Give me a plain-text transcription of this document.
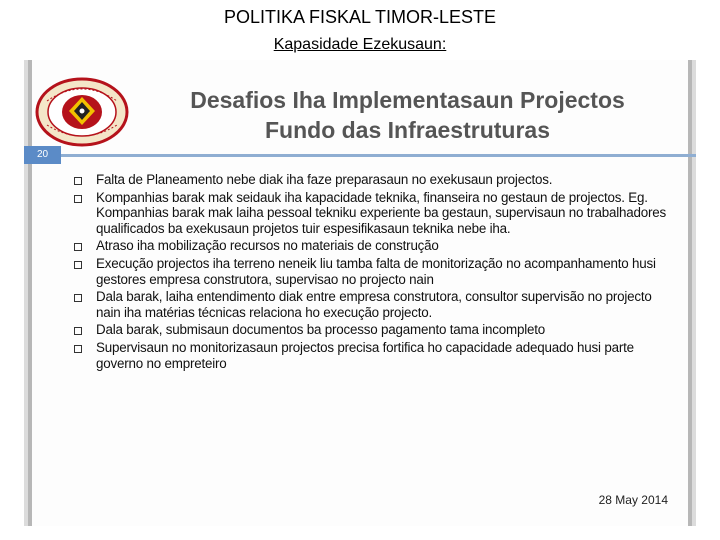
POLITIKA FISKAL TIMOR-LESTE
Kapasidade Ezekusaun:
Desafios Iha Implementasaun Projectos
Fundo das Infraestruturas
20
Falta de Planeamento nebe diak iha faze preparasaun no exekusaun projectos.
Kompanhias barak mak seidauk iha kapacidade teknika, finanseira no gestaun de projectos. Eg. Kompanhias barak mak laiha pessoal tekniku experiente ba gestaun, supervisaun no trabalhadores qualificados ba exekusaun projetos tuir espesifikasaun teknika nebe iha.
Atraso iha mobilização recursos no materiais de construção
Execução projectos iha terreno neneik liu tamba falta de monitorização no acompanhamento husi gestores empresa construtora, supervisao no projecto nain
Dala barak, laiha entendimento diak entre empresa construtora, consultor supervisão no projecto nain iha matérias técnicas relaciona ho execução projecto.
Dala barak, submisaun documentos ba processo pagamento tama incompleto
Supervisaun no monitorizasaun projectos precisa fortifica ho capacidade adequado husi parte governo no empreteiro
28 May 2014
